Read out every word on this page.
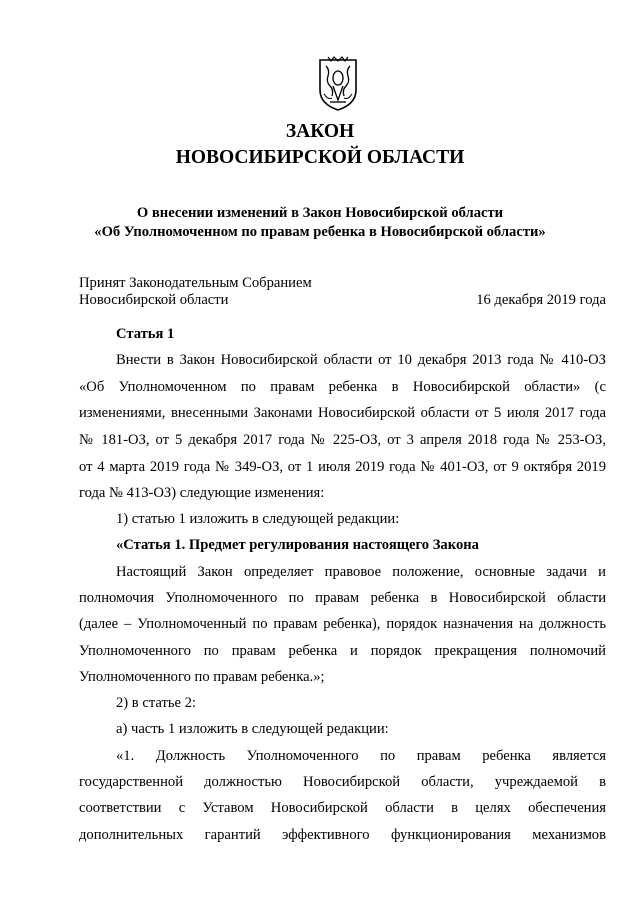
ЗАКОН
НОВОСИБИРСКОЙ ОБЛАСТИ
О внесении изменений в Закон Новосибирской области
«Об Уполномоченном по правам ребенка в Новосибирской области»
Принят Законодательным Собранием
Новосибирской области	16 декабря 2019 года
Статья 1
Внести в Закон Новосибирской области от 10 декабря 2013 года № 410-ОЗ
«Об Уполномоченном по правам ребенка в Новосибирской области» (с
изменениями, внесенными Законами Новосибирской области от 5 июля 2017 года
№ 181-ОЗ, от 5 декабря 2017 года № 225-ОЗ, от 3 апреля 2018 года № 253-ОЗ,
от 4 марта 2019 года № 349-ОЗ, от 1 июля 2019 года № 401-ОЗ, от 9 октября 2019
года № 413-ОЗ) следующие изменения:
1) статью 1 изложить в следующей редакции:
«Статья 1. Предмет регулирования настоящего Закона
Настоящий Закон определяет правовое положение, основные задачи и
полномочия Уполномоченного по правам ребенка в Новосибирской области
(далее – Уполномоченный по правам ребенка), порядок назначения на должность
Уполномоченного по правам ребенка и порядок прекращения полномочий
Уполномоченного по правам ребенка.»;
2) в статье 2:
а) часть 1 изложить в следующей редакции:
«1. Должность Уполномоченного по правам ребенка является
государственной должностью Новосибирской области, учреждаемой в
соответствии с Уставом Новосибирской области в целях обеспечения
дополнительных гарантий эффективного функционирования механизмов
